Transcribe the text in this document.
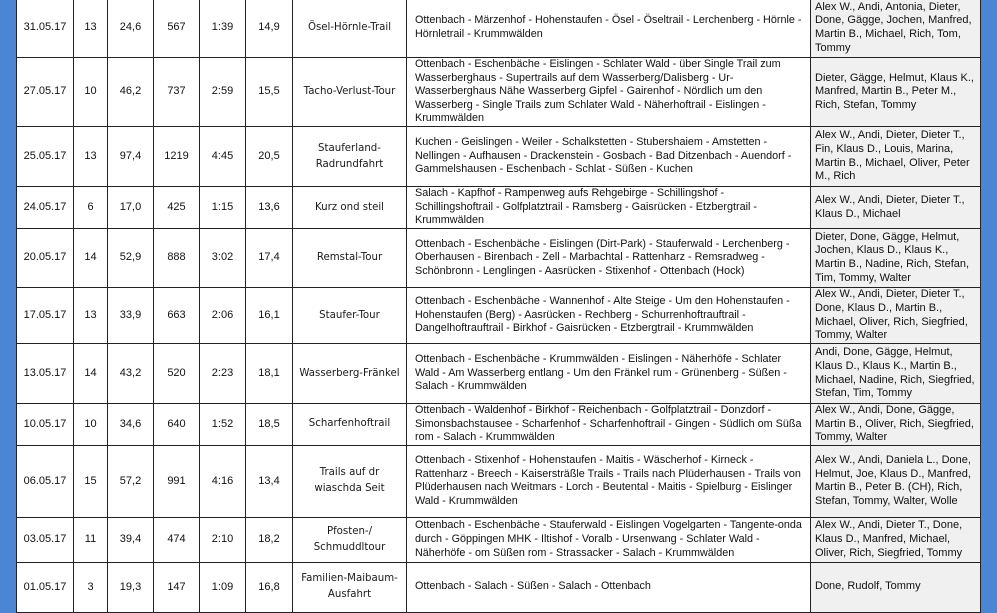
31.05.17	13	24,6	567	1:39	14,9	Ösel-Hörnle-Trail	Ottenbach - Märzenhof - Hohenstaufen - Ösel - Öseltrail - Lerchenberg - Hörnle - Hörnletrail - Krummwälden	Alex W., Andi, Antonia, Dieter, Done, Gägge, Jochen, Manfred, Martin B., Michael, Rich, Tom, Tommy
27.05.17	10	46,2	737	2:59	15,5	Tacho-Verlust-Tour	Ottenbach - Eschenbäche - Eislingen - Schlater Wald - über Single Trail zum Wasserberghaus - Supertrails auf dem Wasserberg/Dalisberg - Ur-Wasserberghaus Nähe Wasserberg Gipfel - Gairenhof - Nördlich um den Wasserberg - Single Trails zum Schlater Wald - Näherhoftrail - Eislingen - Krummwälden	Dieter, Gägge, Helmut, Klaus K., Manfred, Martin B., Peter M., Rich, Stefan, Tommy
25.05.17	13	97,4	1219	4:45	20,5	Stauferland-Radrundfahrt	Kuchen - Geislingen - Weiler - Schalkstetten - Stubershaiem - Amstetten - Nellingen - Aufhausen - Drackenstein - Gosbach - Bad Ditzenbach - Auendorf - Gammelshausen - Eschenbach - Schlat - Süßen - Kuchen	Alex W., Andi, Dieter, Dieter T., Fin, Klaus D., Louis, Marina, Martin B., Michael, Oliver, Peter M., Rich
24.05.17	6	17,0	425	1:15	13,6	Kurz ond steil	Salach - Kapfhof - Rampenweg aufs Rehgebirge - Schillingshof - Schillingshoftrail - Golfplatztrail - Ramsberg - Gaisrücken - Etzbergtrail - Krummwälden	Alex W., Andi, Dieter, Dieter T., Klaus D., Michael
20.05.17	14	52,9	888	3:02	17,4	Remstal-Tour	Ottenbach - Eschenbäche - Eislingen (Dirt-Park) - Stauferwald - Lerchenberg - Oberhausen - Birenbach - Zell - Marbachtal - Rattenharz - Remsradweg - Schönbronn - Lenglingen - Aasrücken - Stixenhof - Ottenbach (Hock)	Dieter, Done, Gägge, Helmut, Jochen, Klaus D., Klaus K., Martin B., Nadine, Rich, Stefan, Tim, Tommy, Walter
17.05.17	13	33,9	663	2:06	16,1	Staufer-Tour	Ottenbach - Eschenbäche - Wannenhof - Alte Steige - Um den Hohenstaufen - Hohenstaufen (Berg) - Aasrücken - Rechberg - Schurrenhoftrauftrail - Dangelhoftrauftrail - Birkhof - Gaisrücken - Etzbergtrail - Krummwälden	Alex W., Andi, Dieter, Dieter T., Done, Klaus D., Martin B., Michael, Oliver, Rich, Siegfried, Tommy, Walter
13.05.17	14	43,2	520	2:23	18,1	Wasserberg-Fränkel	Ottenbach - Eschenbäche - Krummwälden - Eislingen - Näherhöfe - Schlater Wald - Am Wasserberg entlang - Um den Fränkel rum - Grünenberg - Süßen - Salach - Krummwälden	Andi, Done, Gägge, Helmut, Klaus D., Klaus K., Martin B., Michael, Nadine, Rich, Siegfried, Stefan, Tim, Tommy
10.05.17	10	34,6	640	1:52	18,5	Scharfenhoftrail	Ottenbach - Waldenhof - Birkhof - Reichenbach - Golfplatztrail - Donzdorf - Simonsbachstausee - Scharfenhof - Scharfenhoftrail - Gingen - Südlich om Süßa rom - Salach - Krummwälden	Alex W., Andi, Done, Gägge, Martin B., Oliver, Rich, Siegfried, Tommy, Walter
06.05.17	15	57,2	991	4:16	13,4	Trails auf dr wiaschda Seit	Ottenbach - Stixenhof - Hohenstaufen - Maitis - Wäscherhof - Kirneck - Rattenharz - Breech - Kaisersträßle Trails - Trails nach Plüderhausen - Trails von Plüderhausen nach Weitmars - Lorch - Beutental - Maitis - Spielburg - Eislinger Wald - Krummwälden	Alex W., Andi, Daniela L., Done, Helmut, Joe, Klaus D., Manfred, Martin B., Peter B. (CH), Rich, Stefan, Tommy, Walter, Wolle
03.05.17	11	39,4	474	2:10	18,2	Pfosten-/ Schmuddltour	Ottenbach - Eschenbäche - Stauferwald - Eislingen Vogelgarten - Tangente-onda durch - Göppingen MHK - Iltishof - Voralb - Ursenwang - Schlater Wald - Näherhöfe - om Süßen rom - Strassacker - Salach - Krummwälden	Alex W., Andi, Dieter T., Done, Klaus D., Manfred, Michael, Oliver, Rich, Siegfried, Tommy
01.05.17	3	19,3	147	1:09	16,8	Familien-Maibaum-Ausfahrt	Ottenbach - Salach - Süßen - Salach - Ottenbach	Done, Rudolf, Tommy
